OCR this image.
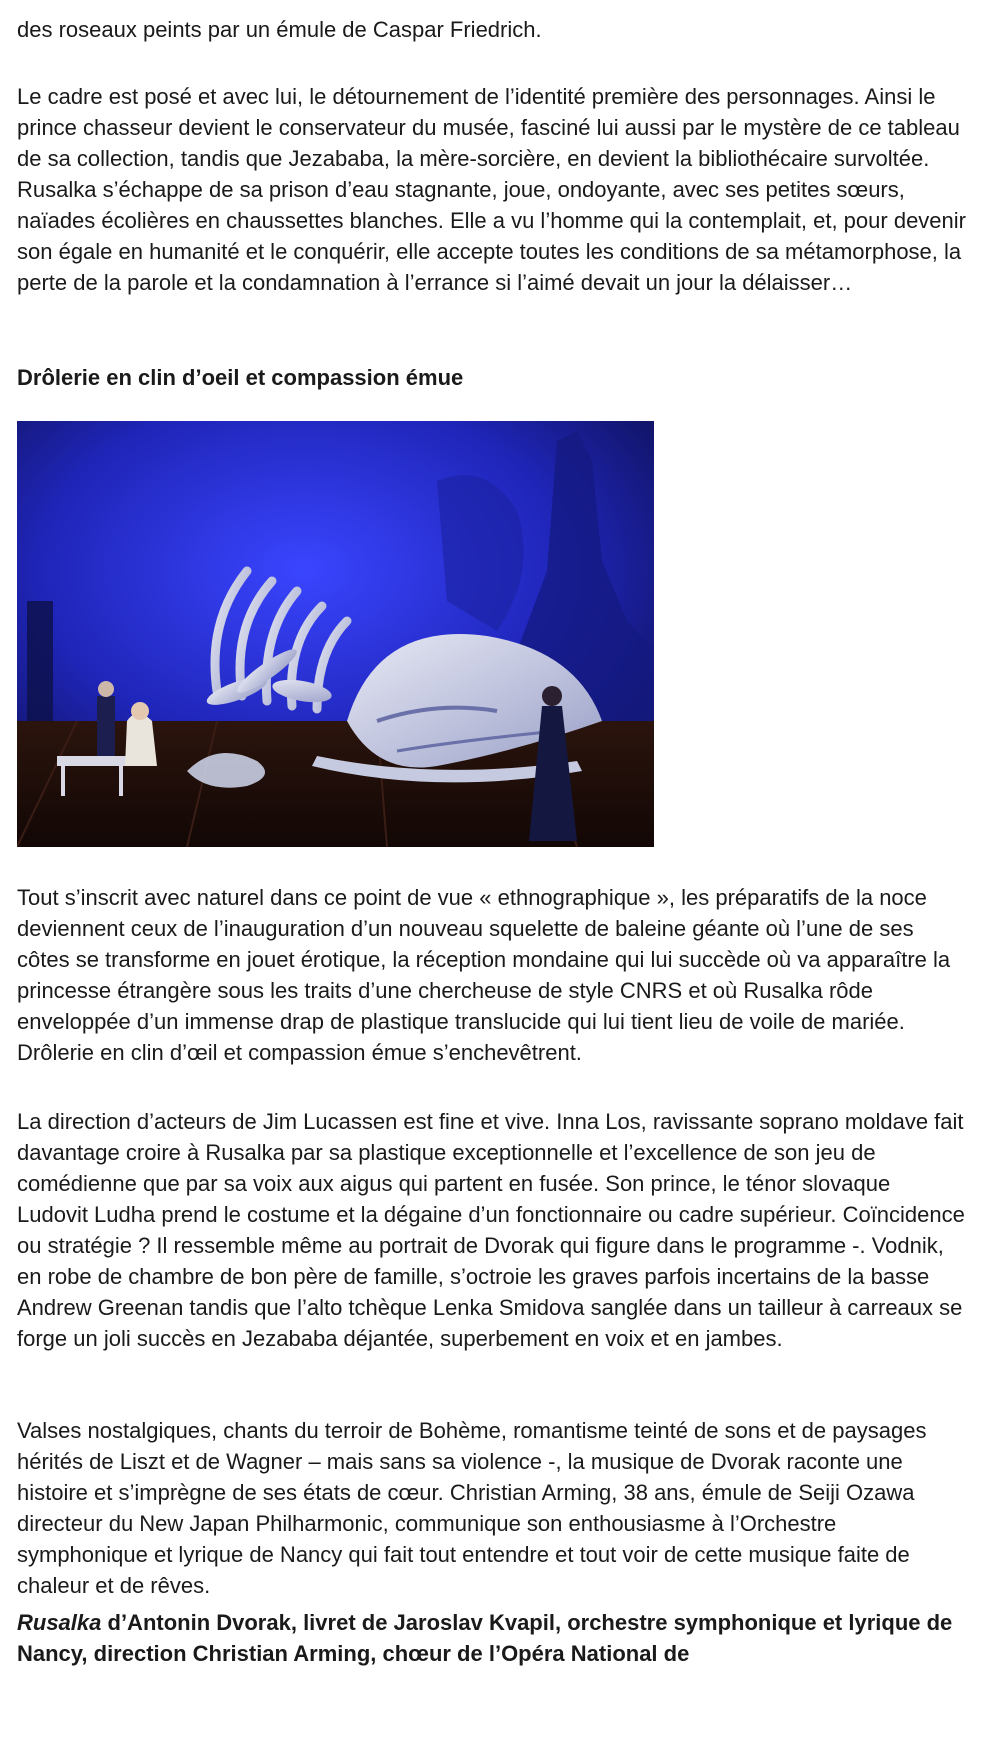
des roseaux peints par un émule de Caspar Friedrich.

Le cadre est posé et avec lui, le détournement de l’identité première des personnages. Ainsi le prince chasseur devient le conservateur du musée, fasciné lui aussi par le mystère de ce tableau de sa collection, tandis que Jezababa, la mère-sorcière, en devient la bibliothécaire survoltée. Rusalka s’échappe de sa prison d’eau stagnante, joue, ondoyante, avec ses petites sœurs, naïades écolières en chaussettes blanches. Elle a vu l’homme qui la contemplait, et, pour devenir son égale en humanité et le conquérir, elle accepte toutes les conditions de sa métamorphose, la perte de la parole et la condamnation à l’errance si l’aimé devait un jour la délaisser…

Drôlerie en clin d’oeil et compassion émue

Tout s’inscrit avec naturel dans ce point de vue « ethnographique », les préparatifs de la noce deviennent ceux de l’inauguration d’un nouveau squelette de baleine géante où l’une de ses côtes se transforme en jouet érotique, la réception mondaine qui lui succède où va apparaître la princesse étrangère sous les traits d’une chercheuse de style CNRS et où Rusalka rôde enveloppée d’un immense drap de plastique translucide qui lui tient lieu de voile de mariée. Drôlerie en clin d’œil et compassion émue s’enchevêtrent.

La direction d’acteurs de Jim Lucassen est fine et vive. Inna Los, ravissante soprano moldave fait davantage croire à Rusalka par sa plastique exceptionnelle et l’excellence de son jeu de comédienne que par sa voix aux aigus qui partent en fusée. Son prince, le ténor slovaque Ludovit Ludha prend le costume et la dégaine d’un fonctionnaire ou cadre supérieur. Coïncidence ou stratégie ? Il ressemble même au portrait de Dvorak qui figure dans le programme -. Vodnik, en robe de chambre de bon père de famille, s’octroie les graves parfois incertains de la basse Andrew Greenan tandis que l’alto tchèque Lenka Smidova sanglée dans un tailleur à carreaux se forge un joli succès en Jezababa déjantée, superbement en voix et en jambes.

Valses nostalgiques, chants du terroir de Bohème, romantisme teinté de sons et de paysages hérités de Liszt et de Wagner – mais sans sa violence -, la musique de Dvorak raconte une histoire et s’imprègne de ses états de cœur. Christian Arming, 38 ans, émule de Seiji Ozawa directeur du New Japan Philharmonic, communique son enthousiasme à l’Orchestre symphonique et lyrique de Nancy qui fait tout entendre et tout voir de cette musique faite de chaleur et de rêves.

Rusalka d’Antonin Dvorak, livret de Jaroslav Kvapil, orchestre symphonique et lyrique de Nancy, direction Christian Arming, chœur de l’Opéra National de
